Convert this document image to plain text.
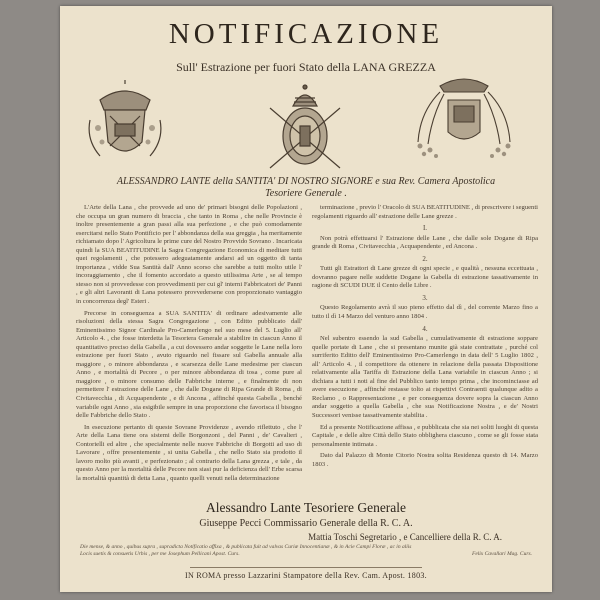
NOTIFICAZIONE
Sull' Estrazione per fuori Stato della LANA GREZZA
ALESSANDRO LANTE della SANTITA' DI NOSTRO SIGNORE e sua Rev. Camera Apostolica
Tesoriere Generale .

L'Arte della Lana , che provvede ad uno de' primari bisogni delle Popolazioni , che occupa un gran numero di braccia , che tanto in Roma , che nelle Provincie è inoltre presentemente a gran passi alla sua perfezione , e che può comodamente esercitarsi nello Stato Pontificio per l' abbondanza della sua greggia , ha meritamente richiamato dopo l' Agricoltura le prime cure del Nostro Provvido Sovrano . Incaricata quindi la SUA BEATITUDINE la Sagra Congregazione Economica di meditare tutti quei regolamenti , che potessero adeguatamente andarsi ad un oggetto di tanta importanza , vidde Sua Santità dall' Anno scorso che sarebbe a tutti molto utile l' incoraggiamento , che il fomento accordato a questo utilissima Arte , se al tempo stesso non si provvedesse con provvedimenti per cui gl' interni Fabbricatori de' Panni , e gli altri Lavoranti di Lana potessero provvedersene con proporzionato vantaggio in concorrenza degl' Esteri .

Precorse in conseguenza a SUA SANTITA' di ordinare adesivamente alle risoluzioni della stessa Sagra Congregazione , con Editto pubblicato dall' Eminentissimo Signor Cardinale Pro-Camerlengo nel suo mese del 5. Luglio all' Articolo 4. , che fosse interdetta la Tesoriera Generale a stabilire in ciascun Anno il quantitativo preciso della Gabella , a cui dovessero andar soggette le Lane nella loro estrazione per fuori Stato , avuto riguardo nel fissare sul Gabella annuale alla maggiore , o minore abbondanza , e scarsezza delle Lane medesime per ciascun Anno , e mortalità di Pecore , o per minore abbondanza di tosa , come pure al maggiore , o minore consumo delle Fabbriche interne , e finalmente di non permettere l' estrazione delle Lane , che dalle Dogane di Ripa Grande di Roma , di Civitavecchia , di Acquapendente , e di Ancona , affinché questa Gabella , benché variabile ogni Anno , sia esigibile sempre in una proporzione che favorisca il bisogno delle Fabbriche dello Stato .

In esecuzione pertanto di queste Sovrane Providenze , avendo riflettuto , che l' Arte della Lana tiene ora sistemi delle Borgonzoni , del Panni , de' Cavalieri , Contorielli ed altre , che specialmente nelle nuove Fabbriche di Borgotti ad uso di Lavorare , offre presentemente , si unita Gabella , che nello Stato sia prodotto il lavoro molto più avanti , e perfezionato ; al contrario della Lana grezza , e tale , da questo Anno per la mortalità delle Pecore non siasi pur la deficienza dell' Erbe scarsa la mortalità quantità di detta Lana , quanto quelli venuti nella determinazione

terminazione , previo l' Oracolo di SUA BEATITUDINE , di prescrivere i seguenti regolamenti riguardo all' estrazione delle Lane grezze .

I.

Non potrà effettuarsi l' Estrazione delle Lane , che dalle sole Dogane di Ripa grande di Roma , Civitavecchia , Acquapendente , ed Ancona .

2.

Tutti gli Estrattori di Lane grezze di ogni specie , e qualità , nessuna eccettuata , dovranno pagare nelle suddette Dogane la Gabella di estrazione tassativamente in ragione di SCUDI DUE il Cento delle Libre .

3.

Questo Regolamento avrà il suo pieno effetto dal dì , del corrente Marzo fino a tutto il dì 14 Marzo del venturo anno 1804 .

4.

Nel subentro essendo la sud Gabella , cumulativamente di estrazione soppare quelle portate di Lane , che si presentano munite già state contrattate , purché col surriferito Editto dell' Eminentissimo Pro-Camerlengo in data dell' 5 Luglio 1802 , all' Articolo 4. , il competitore da ottenere in relazione della passata Dispositione relativamente alla Tariffa di Estrazione della Lana variabile in ciascun Anno ; si dichiara a tutti i noti al fine del Pubblico tanto tempo prima , che incominciasse ad avere esecuzione , affinché restasse tolto ai rispettivi Contraenti qualunque adito a Reclamo , o Rappresentazione , e per conseguenza dovere sopra la ciascun Anno andar soggetto a quella Gabella , che sua Notificazione Nostra , e de' Nostri Successori venisse tassativamente stabilita .

Ed a presente Notificazione affissa , e pubblicata che sia nei soliti luoghi di questa Capitale , e delle altre Città dello Stato obblighera ciascuno , come se gli fosse stata personalmente intimata .

Dato dal Palazzo di Monte Citorio Nostra solita Residenza questo di 14. Marzo 1803 .

Alessandro Lante Tesoriere Generale
Giuseppe Pecci Commissario Generale della R. C. A.
Mattia Toschi Segretario , e Cancelliere della R. C. A.
Die mense, & anno , quibus supra , supradicta Notificatio affixa , & publicata fuit ad valvas Curiæ Innocentianæ , & in Acie Campi Floræ , ac in aliis
Locis suetis & consuetis Urbis , per me Josephum Pellicani Apost. Curs.	Felix Cavallari Mag. Curs.
IN ROMA presso Lazzarini Stampatore della Rev. Cam. Apost. 1803.
